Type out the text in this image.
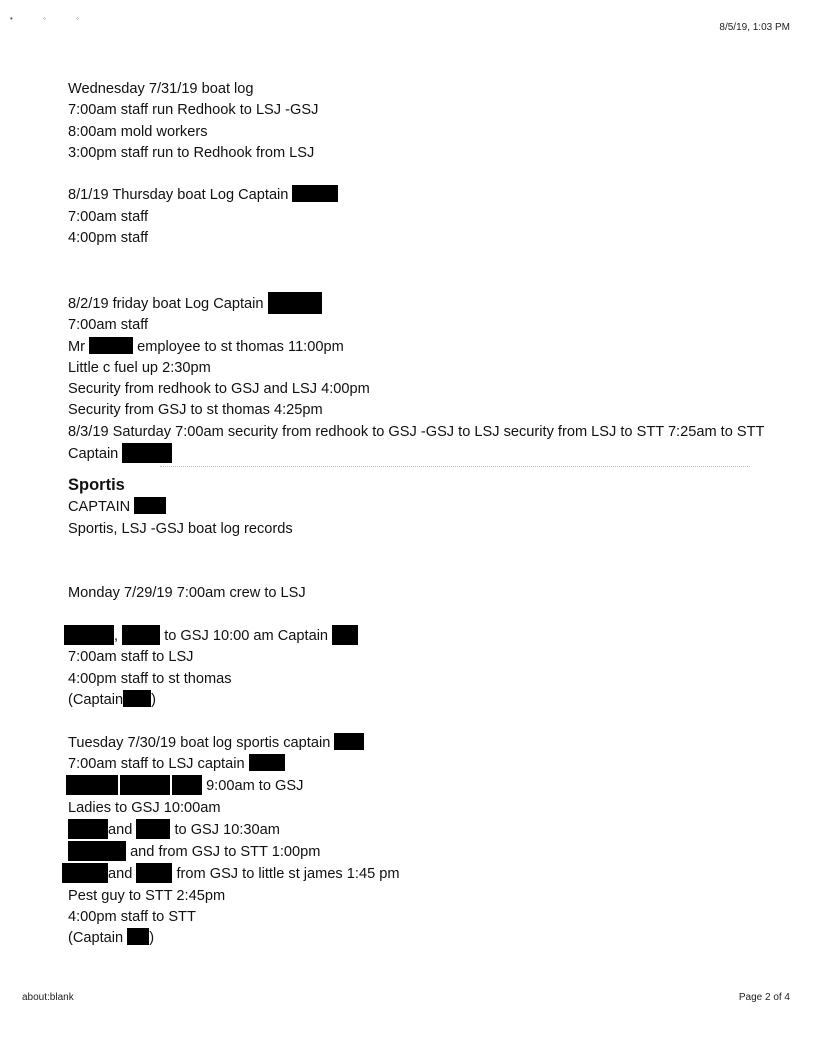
• ◦ ◦
8/5/19, 1:03 PM
Wednesday 7/31/19 boat log
7:00am staff run Redhook to LSJ -GSJ
8:00am mold workers
3:00pm staff run to Redhook from LSJ
8/1/19 Thursday boat Log Captain
7:00am staff
4:00pm staff
8/2/19 friday boat Log Captain
7:00am staff
Mr	employee to st thomas 11:00pm
Little c fuel up 2:30pm
Security from redhook to GSJ and LSJ 4:00pm
Security from GSJ to st thomas 4:25pm
8/3/19 Saturday 7:00am security from redhook to GSJ -GSJ to LSJ security from LSJ to STT 7:25am to STT Captain
Sportis
CAPTAIN
Sportis, LSJ -GSJ boat log records
Monday 7/29/19 7:00am crew to LSJ
,	to GSJ 10:00 am Captain
7:00am staff to LSJ
4:00pm staff to st thomas
(Captain )
Tuesday 7/30/19 boat log sportis captain
7:00am staff to LSJ captain
9:00am to GSJ
Ladies to GSJ 10:00am
and	to GSJ 10:30am
and from GSJ to STT 1:00pm
and	from GSJ to little st james 1:45 pm
Pest guy to STT 2:45pm
4:00pm staff to STT
(Captain )
about:blank	Page 2 of 4
